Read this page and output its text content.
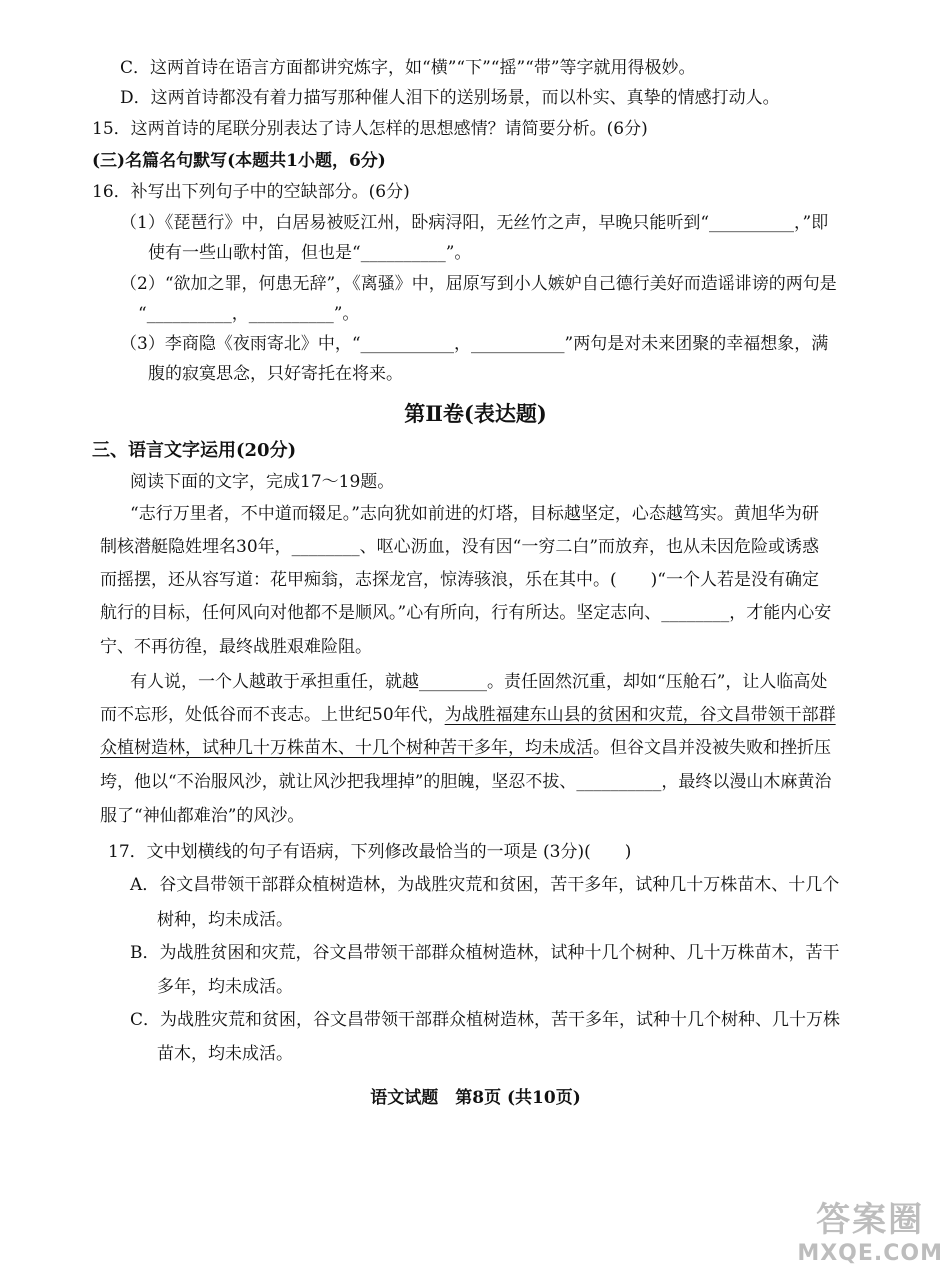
C．这两首诗在语言方面都讲究炼字，如“横”“下”“摇”“带”等字就用得极妙。
D．这两首诗都没有着力描写那种催人泪下的送别场景，而以朴实、真挚的情感打动人。
15．这两首诗的尾联分别表达了诗人怎样的思想感情？请简要分析。(6分)
(三)名篇名句默写(本题共1小题，6分)
16．补写出下列句子中的空缺部分。(6分)
（1）《琵琶行》中，白居易被贬江州，卧病浔阳，无丝竹之声，早晚只能听到“__________，”即
使有一些山歌村笛，但也是“__________”。
（2）“欲加之罪，何患无辞”，《离骚》中，屈原写到小人嫉妒自己德行美好而造谣诽谤的两句是
“__________，__________”。
（3）李商隐《夜雨寄北》中，“___________，___________”两句是对未来团聚的幸福想象，满
腹的寂寞思念，只好寄托在将来。
第Ⅱ卷(表达题)
三、语言文字运用(20分)
阅读下面的文字，完成17～19题。
“志行万里者，不中道而辍足。”志向犹如前进的灯塔，目标越坚定，心态越笃实。黄旭华为研
制核潜艇隐姓埋名30年，________、呕心沥血，没有因“一穷二白”而放弃，也从未因危险或诱惑
而摇摆，还从容写道：花甲痴翁，志探龙宫，惊涛骇浪，乐在其中。(　　)“一个人若是没有确定
航行的目标，任何风向对他都不是顺风。”心有所向，行有所达。坚定志向、________，才能内心安
宁、不再彷徨，最终战胜艰难险阻。
有人说，一个人越敢于承担重任，就越________。责任固然沉重，却如“压舱石”，让人临高处
而不忘形，处低谷而不丧志。上世纪50年代，为战胜福建东山县的贫困和灾荒，谷文昌带领干部群
众植树造林，试种几十万株苗木、十几个树种苦干多年，均未成活。但谷文昌并没被失败和挫折压
垮，他以“不治服风沙，就让风沙把我埋掉”的胆魄，坚忍不拔、__________，最终以漫山木麻黄治
服了“神仙都难治”的风沙。
17．文中划横线的句子有语病，下列修改最恰当的一项是 (3分)(　　)
A．谷文昌带领干部群众植树造林，为战胜灾荒和贫困，苦干多年，试种几十万株苗木、十几个
树种，均未成活。
B．为战胜贫困和灾荒，谷文昌带领干部群众植树造林，试种十几个树种、几十万株苗木，苦干
多年，均未成活。
C．为战胜灾荒和贫困，谷文昌带领干部群众植树造林，苦干多年，试种十几个树种、几十万株
苗木，均未成活。
语文试题　第8页 (共10页)
答案圈
MXQE.COM
